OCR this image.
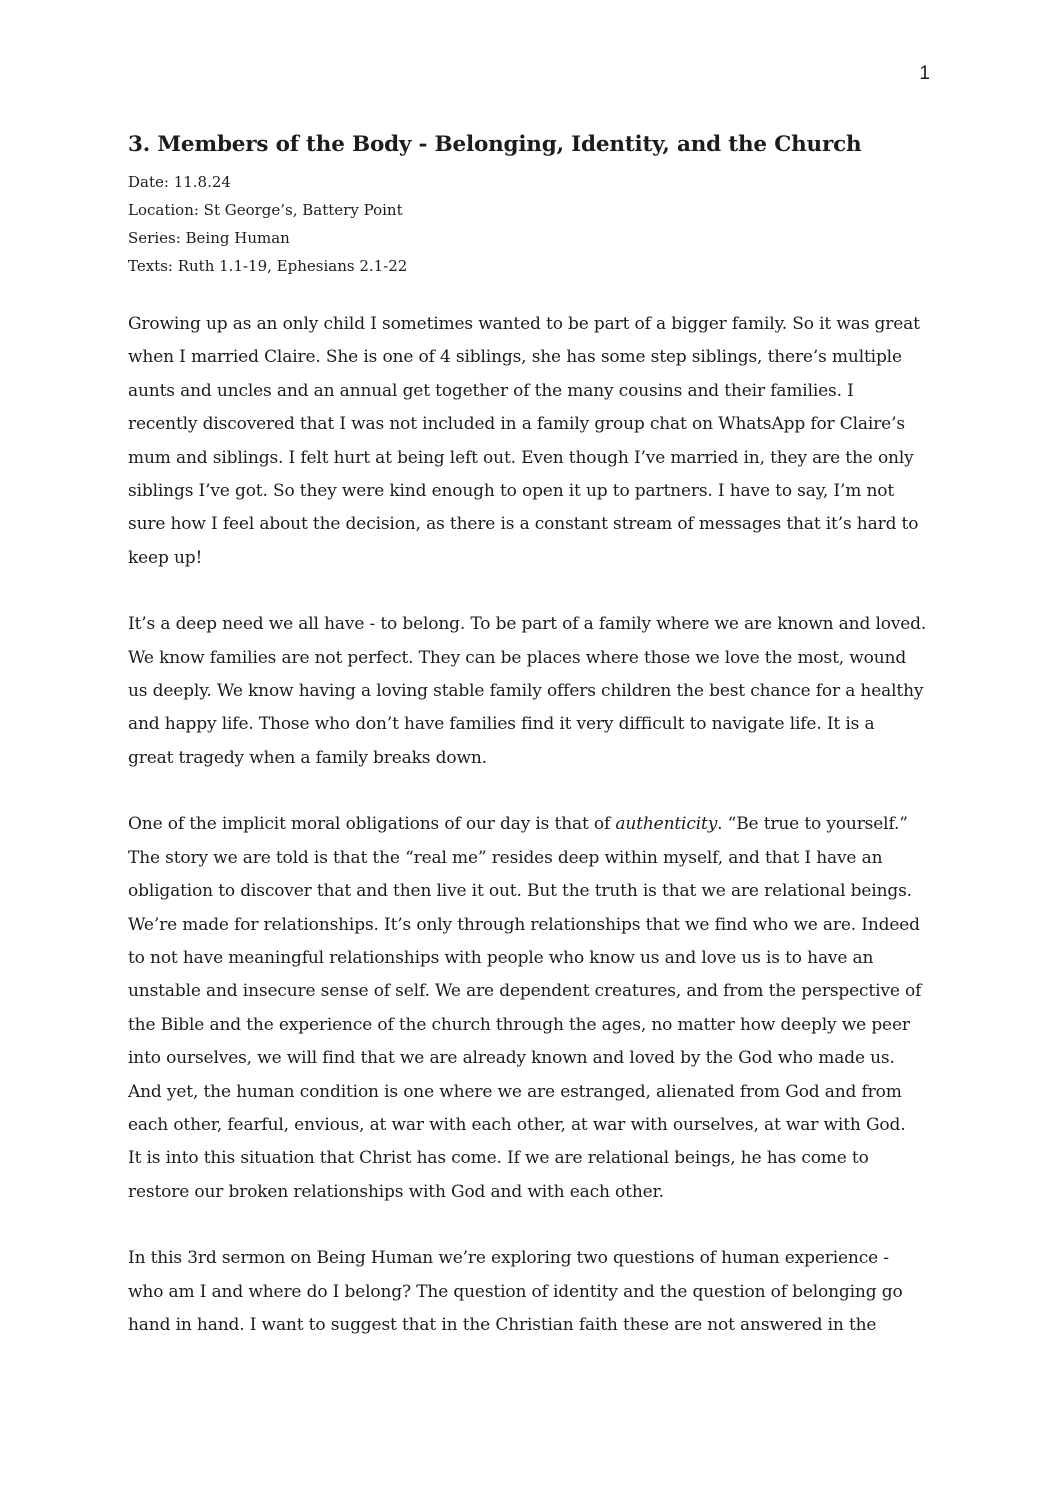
1
3. Members of the Body - Belonging, Identity, and the Church
Date: 11.8.24
Location: St George’s, Battery Point
Series: Being Human
Texts: Ruth 1.1-19, Ephesians 2.1-22

Growing up as an only child I sometimes wanted to be part of a bigger family. So it was great
when I married Claire. She is one of 4 siblings, she has some step siblings, there’s multiple
aunts and uncles and an annual get together of the many cousins and their families. I
recently discovered that I was not included in a family group chat on WhatsApp for Claire’s
mum and siblings. I felt hurt at being left out. Even though I’ve married in, they are the only
siblings I’ve got. So they were kind enough to open it up to partners. I have to say, I’m not
sure how I feel about the decision, as there is a constant stream of messages that it’s hard to
keep up!

It’s a deep need we all have - to belong. To be part of a family where we are known and loved.
We know families are not perfect. They can be places where those we love the most, wound
us deeply. We know having a loving stable family offers children the best chance for a healthy
and happy life. Those who don’t have families find it very difficult to navigate life. It is a
great tragedy when a family breaks down.

One of the implicit moral obligations of our day is that of authenticity. “Be true to yourself.”
The story we are told is that the “real me” resides deep within myself, and that I have an
obligation to discover that and then live it out. But the truth is that we are relational beings.
We’re made for relationships. It’s only through relationships that we find who we are. Indeed
to not have meaningful relationships with people who know us and love us is to have an
unstable and insecure sense of self. We are dependent creatures, and from the perspective of
the Bible and the experience of the church through the ages, no matter how deeply we peer
into ourselves, we will find that we are already known and loved by the God who made us.
And yet, the human condition is one where we are estranged, alienated from God and from
each other, fearful, envious, at war with each other, at war with ourselves, at war with God.
It is into this situation that Christ has come. If we are relational beings, he has come to
restore our broken relationships with God and with each other.

In this 3rd sermon on Being Human we’re exploring two questions of human experience -
who am I and where do I belong? The question of identity and the question of belonging go
hand in hand. I want to suggest that in the Christian faith these are not answered in the
